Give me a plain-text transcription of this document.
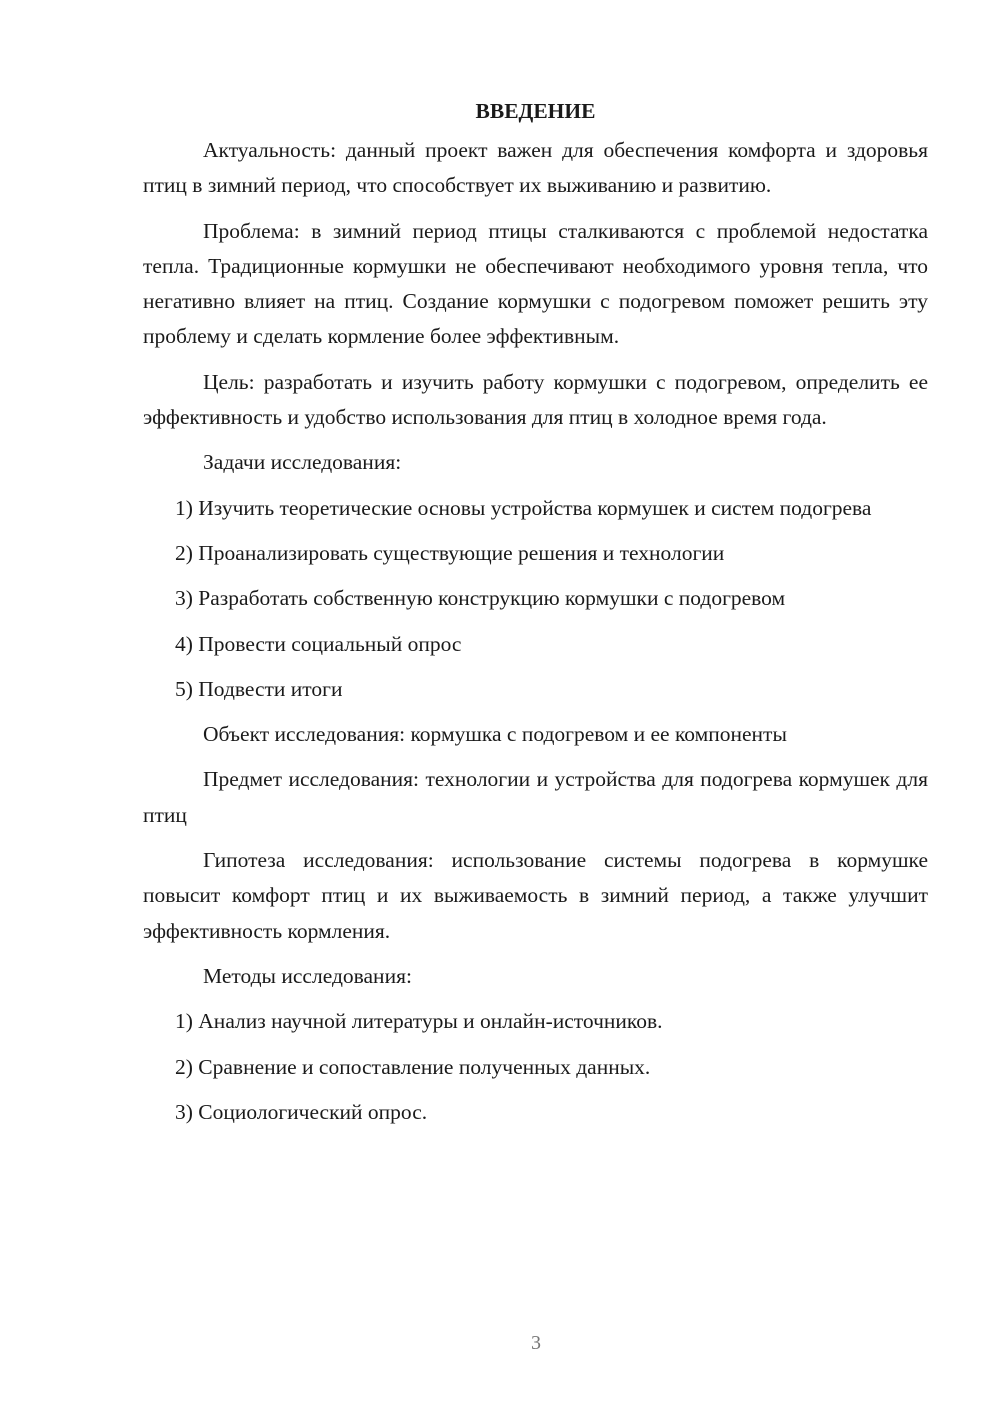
ВВЕДЕНИЕ

Актуальность: данный проект важен для обеспечения комфорта и здоровья птиц в зимний период, что способствует их выживанию и развитию.

Проблема: в зимний период птицы сталкиваются с проблемой недостатка тепла. Традиционные кормушки не обеспечивают необходимого уровня тепла, что негативно влияет на птиц. Создание кормушки с подогревом поможет решить эту проблему и сделать кормление более эффективным.

Цель: разработать и изучить работу кормушки с подогревом, определить ее эффективность и удобство использования для птиц в холодное время года.

Задачи исследования:

1) Изучить теоретические основы устройства кормушек и систем подогрева

2) Проанализировать существующие решения и технологии

3) Разработать собственную конструкцию кормушки с подогревом

4) Провести социальный опрос

5) Подвести итоги

Объект исследования: кормушка с подогревом и ее компоненты

Предмет исследования: технологии и устройства для подогрева кормушек для птиц

Гипотеза исследования: использование системы подогрева в кормушке повысит комфорт птиц и их выживаемость в зимний период, а также улучшит эффективность кормления.

Методы исследования:

1) Анализ научной литературы и онлайн-источников.

2) Сравнение и сопоставление полученных данных.

3) Социологический опрос.

3
